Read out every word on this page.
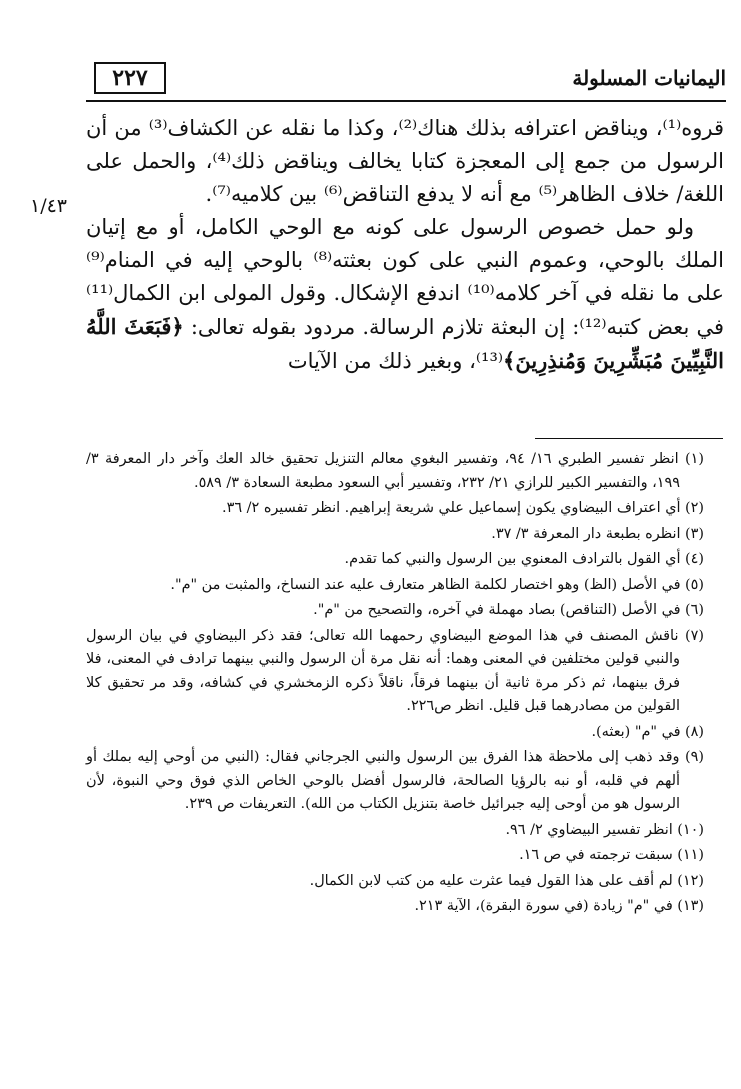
٢٢٧	اليمانيات المسلولة
١/٤٣

قروه⁽¹⁾، ويناقض اعترافه بذلك هناك⁽²⁾، وكذا ما نقله عن الكشاف⁽³⁾ من أن الرسول من جمع إلى المعجزة كتابا يخالف ويناقض ذلك⁽⁴⁾، والحمل على اللغة/ خلاف الظاهر⁽⁵⁾ مع أنه لا يدفع التناقض⁽⁶⁾ بين كلاميه⁽⁷⁾.

ولو حمل خصوص الرسول على كونه مع الوحي الكامل، أو مع إتيان الملك بالوحي، وعموم النبي على كون بعثته⁽⁸⁾ بالوحي إليه في المنام⁽⁹⁾ على ما نقله في آخر كلامه⁽¹⁰⁾ اندفع الإشكال. وقول المولى ابن الكمال⁽¹¹⁾ في بعض كتبه⁽¹²⁾: إن البعثة تلازم الرسالة. مردود بقوله تعالى: ﴿فَبَعَثَ اللَّهُ النَّبِيِّينَ مُبَشِّرِينَ وَمُنذِرِينَ﴾⁽¹³⁾، وبغير ذلك من الآيات

(١) انظر تفسير الطبري ١٦/ ٩٤، وتفسير البغوي معالم التنزيل تحقيق خالد العك وآخر دار المعرفة ٣/ ١٩٩، والتفسير الكبير للرازي ٢١/ ٢٣٢، وتفسير أبي السعود مطبعة السعادة ٣/ ٥٨٩.

(٢) أي اعتراف البيضاوي يكون إسماعيل علي شريعة إبراهيم. انظر تفسيره ٢/ ٣٦.

(٣) انظره بطبعة دار المعرفة ٣/ ٣٧.

(٤) أي القول بالترادف المعنوي بين الرسول والنبي كما تقدم.

(٥) في الأصل (الظ) وهو اختصار لكلمة الظاهر متعارف عليه عند النساخ، والمثبت من "م".

(٦) في الأصل (التناقص) بصاد مهملة في آخره، والتصحيح من "م".

(٧) ناقش المصنف في هذا الموضع البيضاوي رحمهما الله تعالى؛ فقد ذكر البيضاوي في بيان الرسول والنبي قولين مختلفين في المعنى وهما: أنه نقل مرة أن الرسول والنبي بينهما ترادف في المعنى، فلا فرق بينهما، ثم ذكر مرة ثانية أن بينهما فرقاً، ناقلاً ذكره الزمخشري في كشافه، وقد مر تحقيق كلا القولين من مصادرهما قبل قليل. انظر ص٢٢٦.

(٨) في "م" (بعثه).

(٩) وقد ذهب إلى ملاحظة هذا الفرق بين الرسول والنبي الجرجاني فقال: (النبي من أوحي إليه بملك أو ألهم في قلبه، أو نبه بالرؤيا الصالحة، فالرسول أفضل بالوحي الخاص الذي فوق وحي النبوة، لأن الرسول هو من أوحى إليه جبرائيل خاصة بتنزيل الكتاب من الله). التعريفات ص ٢٣٩.

(١٠) انظر تفسير البيضاوي ٢/ ٩٦.

(١١) سبقت ترجمته في ص ١٦.

(١٢) لم أقف على هذا القول فيما عثرت عليه من كتب لابن الكمال.

(١٣) في "م" زيادة (في سورة البقرة)، الآية ٢١٣.
